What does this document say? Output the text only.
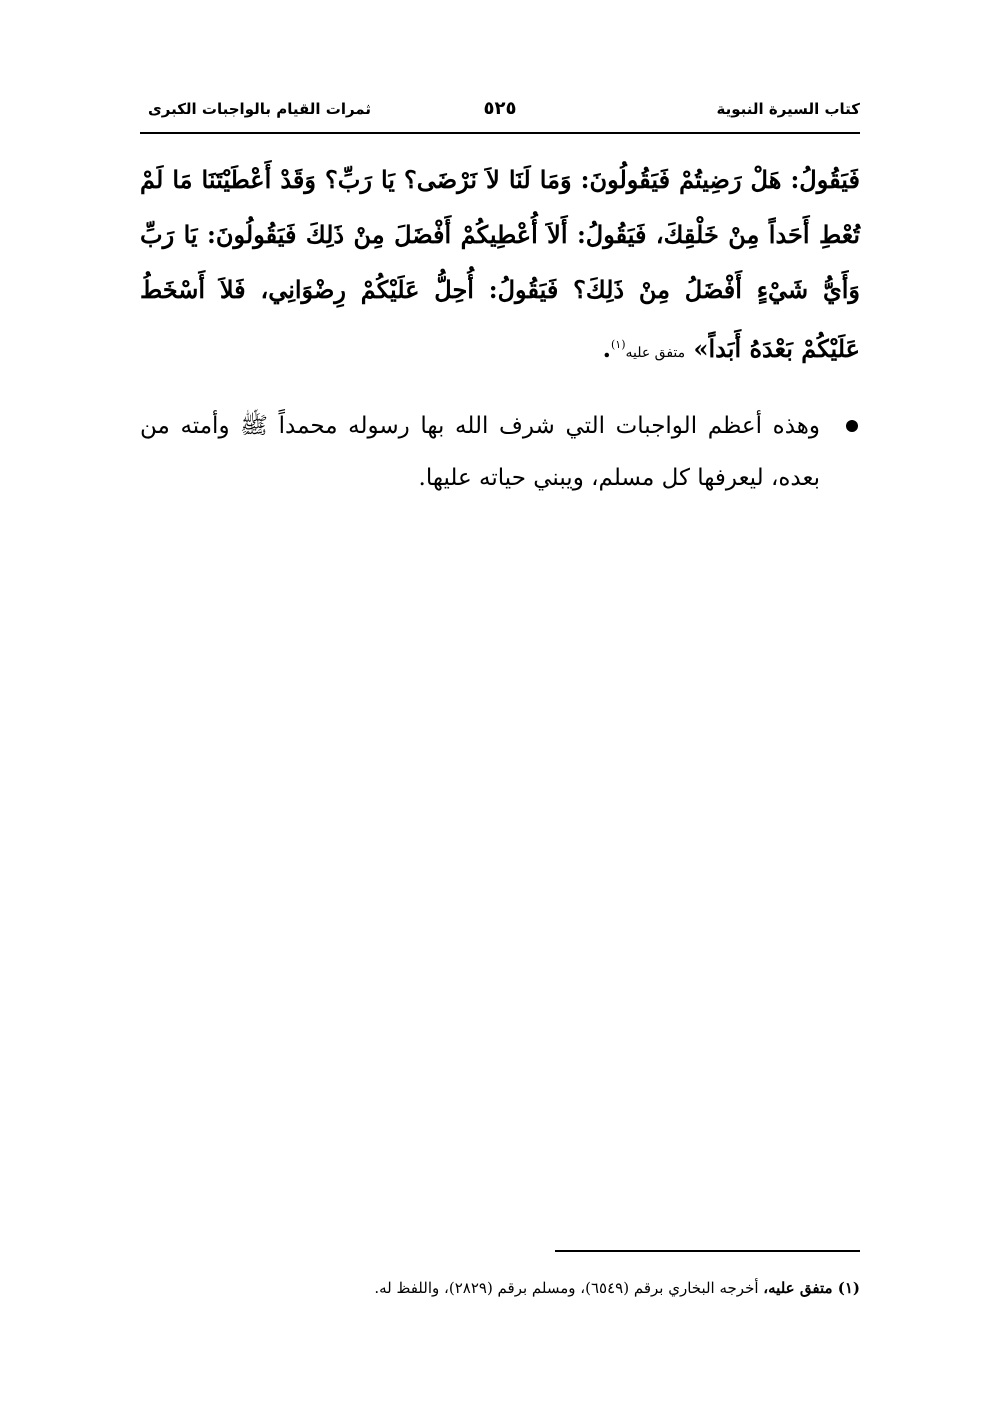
كتاب السيرة النبوية
٥٢٥
ثمرات القيام بالواجبات الكبرى
فَيَقُولُ: هَلْ رَضِيتُمْ فَيَقُولُونَ: وَمَا لَنَا لاَ نَرْضَى؟ يَا رَبِّ؟ وَقَدْ أَعْطَيْتَنَا مَا لَمْ تُعْطِ أَحَداً مِنْ خَلْقِكَ، فَيَقُولُ: أَلاَ أُعْطِيكُمْ أَفْضَلَ مِنْ ذَلِكَ فَيَقُولُونَ: يَا رَبِّ وَأَيُّ شَيْءٍ أَفْضَلُ مِنْ ذَلِكَ؟ فَيَقُولُ: أُحِلُّ عَلَيْكُمْ رِضْوَانِي، فَلاَ أَسْخَطُ عَلَيْكُمْ بَعْدَهُ أَبَداً» متفق عليه$^{(١)}$.
وهذه أعظم الواجبات التي شرف الله بها رسوله محمداً ﷺ وأمته من بعده، ليعرفها كل مسلم، ويبني حياته عليها.
(١) متفق عليه، أخرجه البخاري برقم (٦٥٤٩)، ومسلم برقم (٢٨٢٩)، واللفظ له.
